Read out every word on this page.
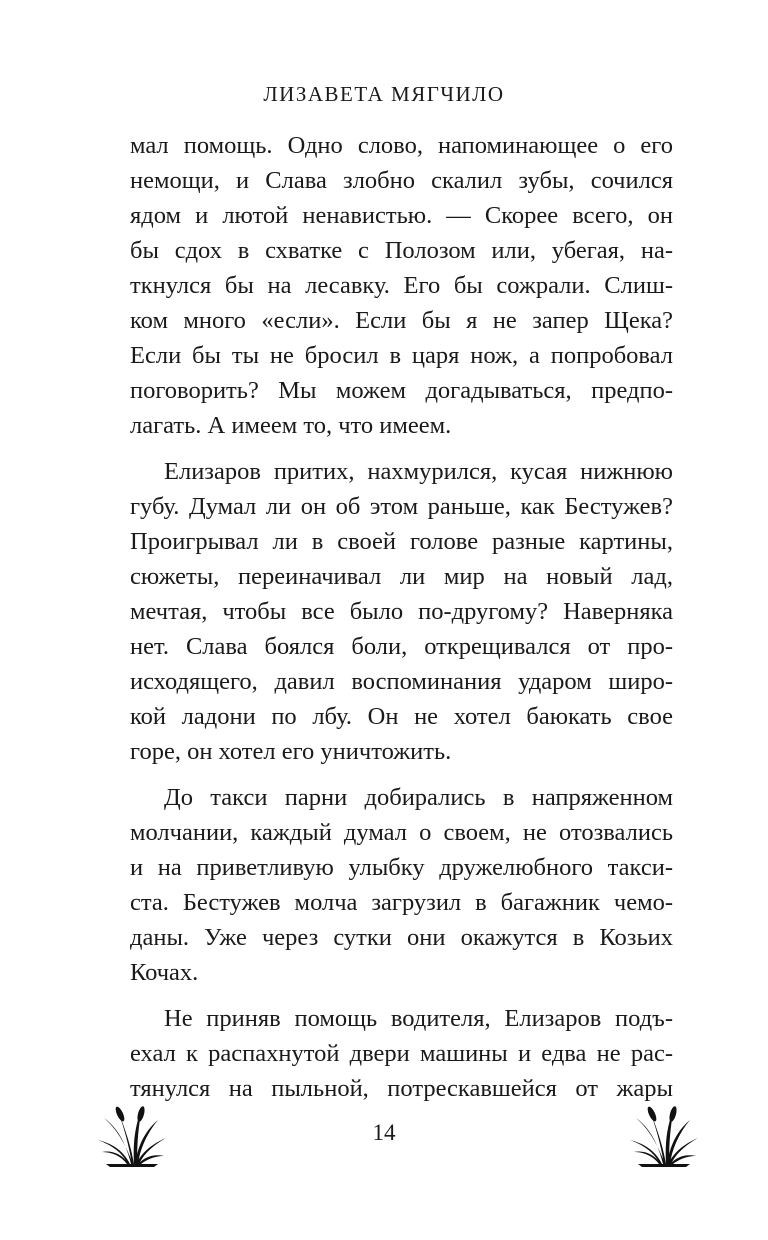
ЛИЗАВЕТА МЯГЧИЛО
мал помощь. Одно слово, напоминающее о его
немощи, и Слава злобно скалил зубы, сочился
ядом и лютой ненавистью. — Скорее всего, он
бы сдох в схватке с Полозом или, убегая, на-
ткнулся бы на лесавку. Его бы сожрали. Слиш-
ком много «если». Если бы я не запер Щека?
Если бы ты не бросил в царя нож, а попробовал
поговорить? Мы можем догадываться, предпо-
лагать. А имеем то, что имеем.
Елизаров притих, нахмурился, кусая нижнюю
губу. Думал ли он об этом раньше, как Бестужев?
Проигрывал ли в своей голове разные картины,
сюжеты, переиначивал ли мир на новый лад,
мечтая, чтобы все было по-другому? Наверняка
нет. Слава боялся боли, открещивался от про-
исходящего, давил воспоминания ударом широ-
кой ладони по лбу. Он не хотел баюкать свое
горе, он хотел его уничтожить.
До такси парни добирались в напряженном
молчании, каждый думал о своем, не отозвались
и на приветливую улыбку дружелюбного такси-
ста. Бестужев молча загрузил в багажник чемо-
даны. Уже через сутки они окажутся в Козьих
Кочах.
Не приняв помощь водителя, Елизаров подъ-
ехал к распахнутой двери машины и едва не рас-
тянулся на пыльной, потрескавшейся от жары
14
